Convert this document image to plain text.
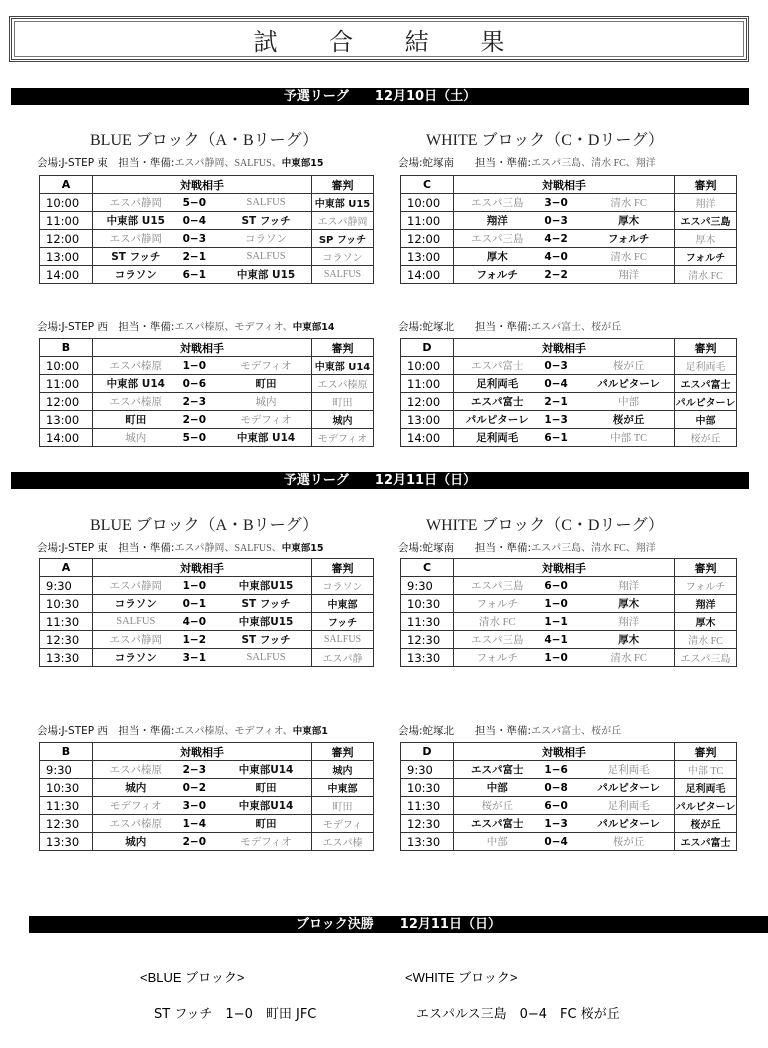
試 合 結 果
予選リーグ 12月10日（土）
BLUE ブロック（A・Bリーグ）	WHITE ブロック（C・Dリーグ）
会場:J-STEP 東　担当・準備:エスパ静岡、SALFUS、中東部15
A	対戦相手	審判
10:00	エスパ静岡 5−0 SALFUS	中東部 U15
11:00	中東部 U15 0−4 ST フッチ	エスパ静岡
12:00	エスパ静岡 0−3 コラソン	SP フッチ
13:00	ST フッチ 2−1 SALFUS	コラソン
14:00	コラソン 6−1 中東部 U15	SALFUS
会場:蛇塚南　　担当・準備:エスパ三島、清水 FC、翔洋
C	対戦相手	審判
10:00	エスパ三島 3−0 清水 FC	翔洋
11:00	翔洋 0−3 厚木	エスパ三島
12:00	エスパ三島 4−2 フォルチ	厚木
13:00	厚木 4−0 清水 FC	フォルチ
14:00	フォルチ 2−2 翔洋	清水 FC
会場:J-STEP 西　担当・準備:エスパ榛原、モデフィオ、中東部14
B	対戦相手	審判
10:00	エスパ榛原 1−0 モデフィオ	中東部 U14
11:00	中東部 U14 0−6 町田	エスパ榛原
12:00	エスパ榛原 2−3 城内	町田
13:00	町田 2−0 モデフィオ	城内
14:00	城内 5−0 中東部 U14	モデフィオ
会場:蛇塚北　　担当・準備:エスパ富士、桜が丘
D	対戦相手	審判
10:00	エスパ富士 0−3 桜が丘	足利両毛
11:00	足利両毛 0−4 パルピターレ	エスパ富士
12:00	エスパ富士 2−1 中部	パルピターレ
13:00	パルピターレ 1−3 桜が丘	中部
14:00	足利両毛 6−1 中部 TC	桜が丘
会場:J-STEP 東　担当・準備:エスパ静岡、SALFUS、中東部15
A	対戦相手	審判
9:30	エスパ静岡 1−0 中東部U15	コラソン
10:30	コラソン 0−1 ST フッチ	中東部
11:30	SALFUS 4−0 中東部U15	フッチ
12:30	エスパ静岡 1−2 ST フッチ	SALFUS
13:30	コラソン 3−1 SALFUS	エスパ静
会場:蛇塚南　　担当・準備:エスパ三島、清水 FC、翔洋
C	対戦相手	審判
9:30	エスパ三島 6−0 翔洋	フォルチ
10:30	フォルチ 1−0 厚木	翔洋
11:30	清水 FC 1−1 翔洋	厚木
12:30	エスパ三島 4−1 厚木	清水 FC
13:30	フォルチ 1−0 清水 FC	エスパ三島
会場:J-STEP 西　担当・準備:エスパ榛原、モデフィオ、中東部1
B	対戦相手	審判
9:30	エスパ榛原 2−3 中東部U14	城内
10:30	城内 0−2 町田	中東部
11:30	モデフィオ 3−0 中東部U14	町田
12:30	エスパ榛原 1−4 町田	モデフィ
13:30	城内 2−0 モデフィオ	エスパ榛
会場:蛇塚北　　担当・準備:エスパ富士、桜が丘
D	対戦相手	審判
9:30	エスパ富士 1−6 足利両毛	中部 TC
10:30	中部 0−8 パルピターレ	足利両毛
11:30	桜が丘 6−0 足利両毛	パルピターレ
12:30	エスパ富士 1−3 パルピターレ	桜が丘
13:30	中部 0−4 桜が丘	エスパ富士
予選リーグ 12月11日（日）
BLUE ブロック（A・Bリーグ）	WHITE ブロック（C・Dリーグ）
ブロック決勝 12月11日（日）
<BLUE ブロック>	<WHITE ブロック>
ST フッチ　1−0　町田 JFC	エスパルス三島　0−4　FC 桜が丘
